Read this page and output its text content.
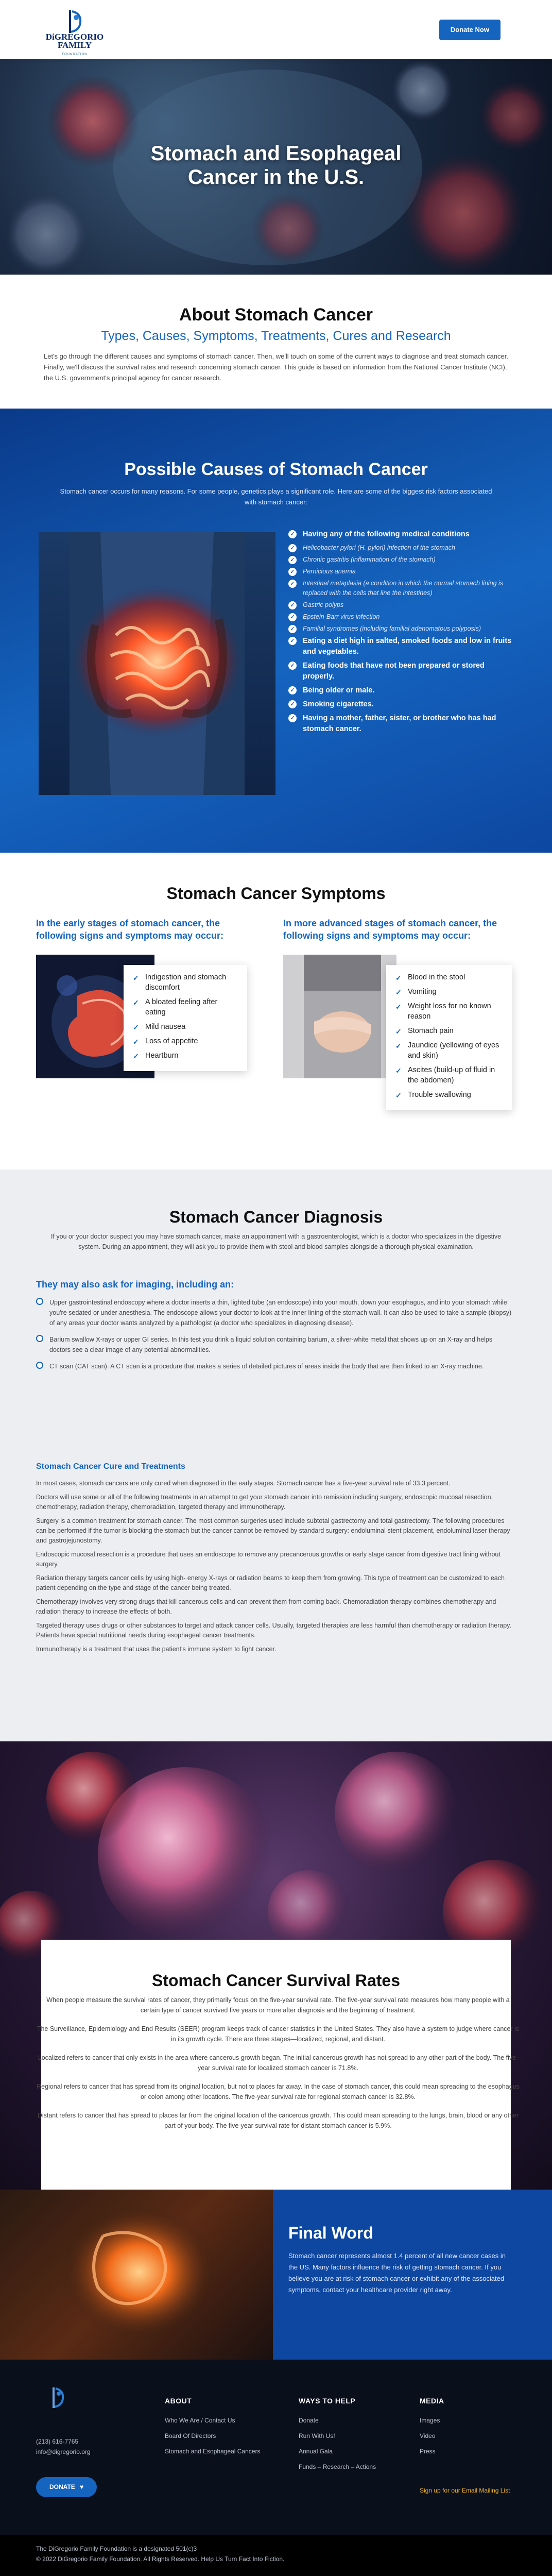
DiGREGORIO
FAMILY
FOUNDATION
Donate Now
Stomach and Esophageal Cancer in the U.S.
About Stomach Cancer
Types, Causes, Symptoms, Treatments, Cures and Research
Let's go through the different causes and symptoms of stomach cancer. Then, we'll touch on some of the current ways to diagnose and treat stomach cancer. Finally, we'll discuss the survival rates and research concerning stomach cancer. This guide is based on information from the National Cancer Institute (NCI), the U.S. government's principal agency for cancer research.
Possible Causes of Stomach Cancer
Stomach cancer occurs for many reasons. For some people, genetics plays a significant role. Here are some of the biggest risk factors associated with stomach cancer:
✓ Having any of the following medical conditions
✓ Helicobacter pylori (H. pylori) infection of the stomach
✓ Chronic gastritis (inflammation of the stomach)
✓ Pernicious anemia
✓ Intestinal metaplasia (a condition in which the normal stomach lining is replaced with the cells that line the intestines)
✓ Gastric polyps
✓ Epstein-Barr virus infection
✓ Familial syndromes (including familial adenomatous polyposis)
✓ Eating a diet high in salted, smoked foods and low in fruits and vegetables.
✓ Eating foods that have not been prepared or stored properly.
✓ Being older or male.
✓ Smoking cigarettes.
✓ Having a mother, father, sister, or brother who has had stomach cancer.
Stomach Cancer Symptoms
In the early stages of stomach cancer, the following signs and symptoms may occur:
In more advanced stages of stomach cancer, the following signs and symptoms may occur:
✓ Indigestion and stomach discomfort
✓ A bloated feeling after eating
✓ Mild nausea
✓ Loss of appetite
✓ Heartburn
✓ Blood in the stool
✓ Vomiting
✓ Weight loss for no known reason
✓ Stomach pain
✓ Jaundice (yellowing of eyes and skin)
✓ Ascites (build-up of fluid in the abdomen)
✓ Trouble swallowing
Stomach Cancer Diagnosis
If you or your doctor suspect you may have stomach cancer, make an appointment with a gastroenterologist, which is a doctor who specializes in the digestive system. During an appointment, they will ask you to provide them with stool and blood samples alongside a thorough physical examination.
They may also ask for imaging, including an:
Upper gastrointestinal endoscopy where a doctor inserts a thin, lighted tube (an endoscope) into your mouth, down your esophagus, and into your stomach while you're sedated or under anesthesia. The endoscope allows your doctor to look at the inner lining of the stomach wall. It can also be used to take a sample (biopsy) of any areas your doctor wants analyzed by a pathologist (a doctor who specializes in diagnosing disease).
Barium swallow X-rays or upper GI series. In this test you drink a liquid solution containing barium, a silver-white metal that shows up on an X-ray and helps doctors see a clear image of any potential abnormalities.
CT scan (CAT scan). A CT scan is a procedure that makes a series of detailed pictures of areas inside the body that are then linked to an X-ray machine.
Stomach Cancer Cure and Treatments

In most cases, stomach cancers are only cured when diagnosed in the early stages. Stomach cancer has a five-year survival rate of 33.3 percent.

Doctors will use some or all of the following treatments in an attempt to get your stomach cancer into remission including surgery, endoscopic mucosal resection, chemotherapy, radiation therapy, chemoradiation, targeted therapy and immunotherapy.

Surgery is a common treatment for stomach cancer. The most common surgeries used include subtotal gastrectomy and total gastrectomy. The following procedures can be performed if the tumor is blocking the stomach but the cancer cannot be removed by standard surgery: endoluminal stent placement, endoluminal laser therapy and gastrojejunostomy.

Endoscopic mucosal resection is a procedure that uses an endoscope to remove any precancerous growths or early stage cancer from digestive tract lining without surgery.

Radiation therapy targets cancer cells by using high- energy X-rays or radiation beams to keep them from growing. This type of treatment can be customized to each patient depending on the type and stage of the cancer being treated.

Chemotherapy involves very strong drugs that kill cancerous cells and can prevent them from coming back. Chemoradiation therapy combines chemotherapy and radiation therapy to increase the effects of both.

Targeted therapy uses drugs or other substances to target and attack cancer cells. Usually, targeted therapies are less harmful than chemotherapy or radiation therapy. Patients have special nutritional needs during esophageal cancer treatments.

Immunotherapy is a treatment that uses the patient's immune system to fight cancer.

Stomach Cancer Survival Rates

When people measure the survival rates of cancer, they primarily focus on the five-year survival rate. The five-year survival rate measures how many people with a certain type of cancer survived five years or more after diagnosis and the beginning of treatment.

The Surveillance, Epidemiology and End Results (SEER) program keeps track of cancer statistics in the United States. They also have a system to judge where cancer is in its growth cycle. There are three stages—localized, regional, and distant.

Localized refers to cancer that only exists in the area where cancerous growth began. The initial cancerous growth has not spread to any other part of the body. The five-year survival rate for localized stomach cancer is 71.8%.

Regional refers to cancer that has spread from its original location, but not to places far away. In the case of stomach cancer, this could mean spreading to the esophagus or colon among other locations. The five-year survival rate for regional stomach cancer is 32.8%.

Distant refers to cancer that has spread to places far from the original location of the cancerous growth. This could mean spreading to the lungs, brain, blood or any other part of your body. The five-year survival rate for distant stomach cancer is 5.9%.

Final Word
Stomach cancer represents almost 1.4 percent of all new cancer cases in the US. Many factors influence the risk of getting stomach cancer. If you believe you are at risk of stomach cancer or exhibit any of the associated symptoms, contact your healthcare provider right away.
(213) 616-7765
info@digregorio.org
DONATE ♥
ABOUT
Who We Are / Contact Us
Board Of Directors
Stomach and Esophageal Cancers
WAYS TO HELP
Donate
Run With Us!
Annual Gala
Funds – Research – Actions
MEDIA
Images
Video
Press
Sign up for our Email Mailing List
The DiGregorio Family Foundation is a designated 501(c)3
© 2022 DiGregorio Family Foundation. All Rights Reserved. Help Us Turn Fact Into Fiction.
